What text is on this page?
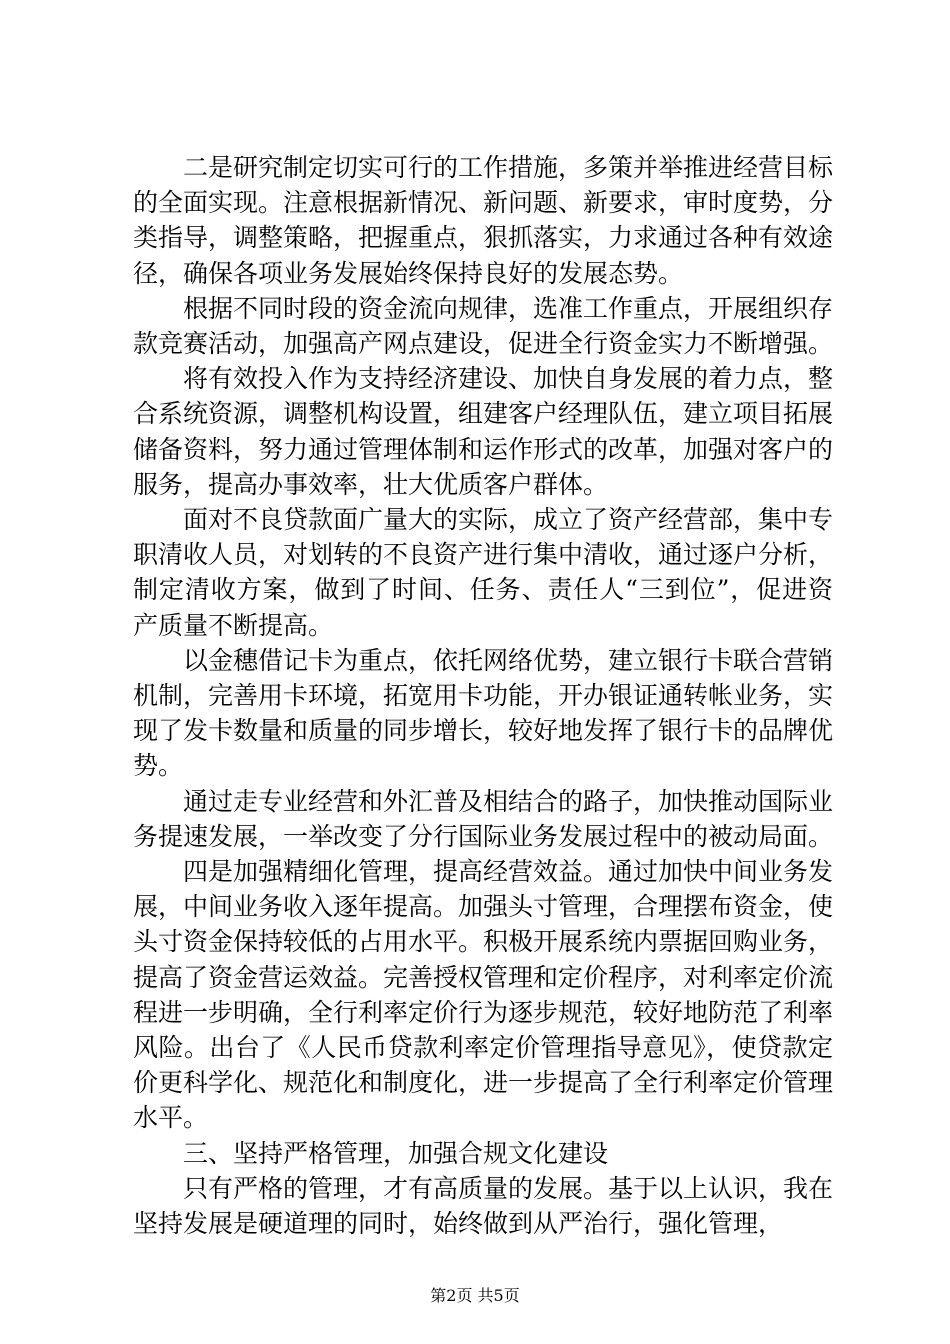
二是研究制定切实可行的工作措施，多策并举推进经营目标的全面实现。注意根据新情况、新问题、新要求，审时度势，分类指导，调整策略，把握重点，狠抓落实，力求通过各种有效途径，确保各项业务发展始终保持良好的发展态势。

根据不同时段的资金流向规律，选准工作重点，开展组织存款竞赛活动，加强高产网点建设，促进全行资金实力不断增强。

将有效投入作为支持经济建设、加快自身发展的着力点，整合系统资源，调整机构设置，组建客户经理队伍，建立项目拓展储备资料，努力通过管理体制和运作形式的改革，加强对客户的服务，提高办事效率，壮大优质客户群体。

面对不良贷款面广量大的实际，成立了资产经营部，集中专职清收人员，对划转的不良资产进行集中清收，通过逐户分析，制定清收方案，做到了时间、任务、责任人“三到位”，促进资产质量不断提高。

以金穗借记卡为重点，依托网络优势，建立银行卡联合营销机制，完善用卡环境，拓宽用卡功能，开办银证通转帐业务，实现了发卡数量和质量的同步增长，较好地发挥了银行卡的品牌优势。

通过走专业经营和外汇普及相结合的路子，加快推动国际业务提速发展，一举改变了分行国际业务发展过程中的被动局面。

四是加强精细化管理，提高经营效益。通过加快中间业务发展，中间业务收入逐年提高。加强头寸管理，合理摆布资金，使头寸资金保持较低的占用水平。积极开展系统内票据回购业务，提高了资金营运效益。完善授权管理和定价程序，对利率定价流程进一步明确，全行利率定价行为逐步规范，较好地防范了利率风险。出台了《人民币贷款利率定价管理指导意见》，使贷款定价更科学化、规范化和制度化，进一步提高了全行利率定价管理水平。

三、坚持严格管理，加强合规文化建设

只有严格的管理，才有高质量的发展。基于以上认识，我在坚持发展是硬道理的同时，始终做到从严治行，强化管理，

第2页 共5页
